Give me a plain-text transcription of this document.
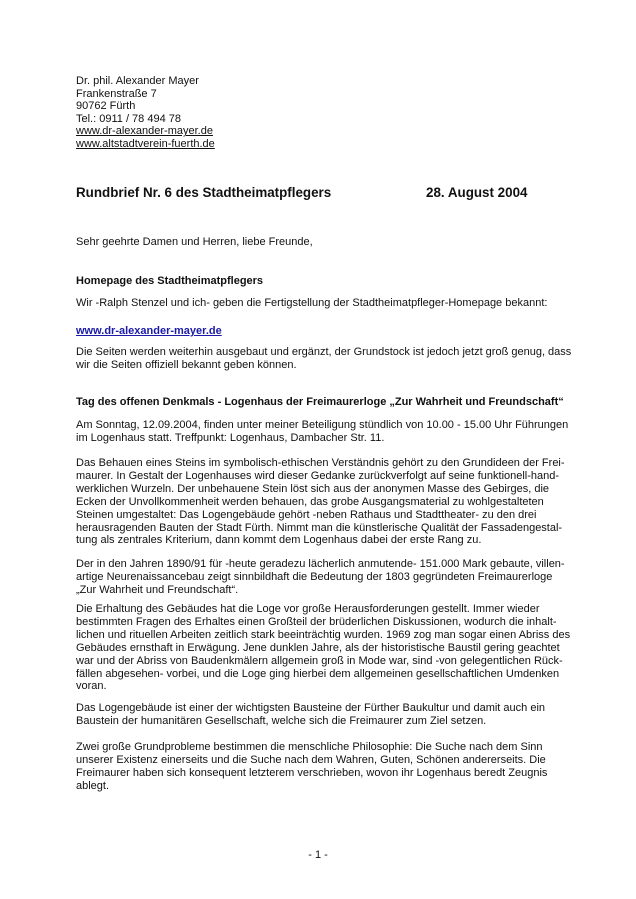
Dr. phil. Alexander Mayer
Frankenstraße 7
90762 Fürth
Tel.: 0911 / 78 494 78
www.dr-alexander-mayer.de
www.altstadtverein-fuerth.de
Rundbrief Nr. 6 des Stadtheimatpflegers	28. August 2004
Sehr geehrte Damen und Herren, liebe Freunde,
Homepage des Stadtheimatpflegers
Wir -Ralph Stenzel und ich- geben die Fertigstellung der Stadtheimatpfleger-Homepage bekannt:
www.dr-alexander-mayer.de
Die Seiten werden weiterhin ausgebaut und ergänzt, der Grundstock ist jedoch jetzt groß genug, dass
wir die Seiten offiziell bekannt geben können.
Tag des offenen Denkmals - Logenhaus der Freimaurerloge „Zur Wahrheit und Freundschaft“
Am Sonntag, 12.09.2004, finden unter meiner Beteiligung stündlich von 10.00 - 15.00 Uhr Führungen
im Logenhaus statt. Treffpunkt: Logenhaus, Dambacher Str. 11.
Das Behauen eines Steins im symbolisch-ethischen Verständnis gehört zu den Grundideen der Frei-
maurer. In Gestalt der Logenhauses wird dieser Gedanke zurückverfolgt auf seine funktionell-hand-
werklichen Wurzeln. Der unbehauene Stein löst sich aus der anonymen Masse des Gebirges, die
Ecken der Unvollkommenheit werden behauen, das grobe Ausgangsmaterial zu wohlgestalteten
Steinen umgestaltet: Das Logengebäude gehört -neben Rathaus und Stadttheater- zu den drei
herausragenden Bauten der Stadt Fürth. Nimmt man die künstlerische Qualität der Fassadengestal-
tung als zentrales Kriterium, dann kommt dem Logenhaus dabei der erste Rang zu.
Der in den Jahren 1890/91 für -heute geradezu lächerlich anmutende- 151.000 Mark gebaute, villen-
artige Neurenaissancebau zeigt sinnbildhaft die Bedeutung der 1803 gegründeten Freimaurerloge
„Zur Wahrheit und Freundschaft“.
Die Erhaltung des Gebäudes hat die Loge vor große Herausforderungen gestellt. Immer wieder
bestimmten Fragen des Erhaltes einen Großteil der brüderlichen Diskussionen, wodurch die inhalt-
lichen und rituellen Arbeiten zeitlich stark beeinträchtig wurden. 1969 zog man sogar einen Abriss des
Gebäudes ernsthaft in Erwägung. Jene dunklen Jahre, als der historistische Baustil gering geachtet
war und der Abriss von Baudenkmälern allgemein groß in Mode war, sind -von gelegentlichen Rück-
fällen abgesehen- vorbei, und die Loge ging hierbei dem allgemeinen gesellschaftlichen Umdenken
voran.
Das Logengebäude ist einer der wichtigsten Bausteine der Fürther Baukultur und damit auch ein
Baustein der humanitären Gesellschaft, welche sich die Freimaurer zum Ziel setzen.
Zwei große Grundprobleme bestimmen die menschliche Philosophie: Die Suche nach dem Sinn
unserer Existenz einerseits und die Suche nach dem Wahren, Guten, Schönen andererseits. Die
Freimaurer haben sich konsequent letzterem verschrieben, wovon ihr Logenhaus beredt Zeugnis
ablegt.
- 1 -
